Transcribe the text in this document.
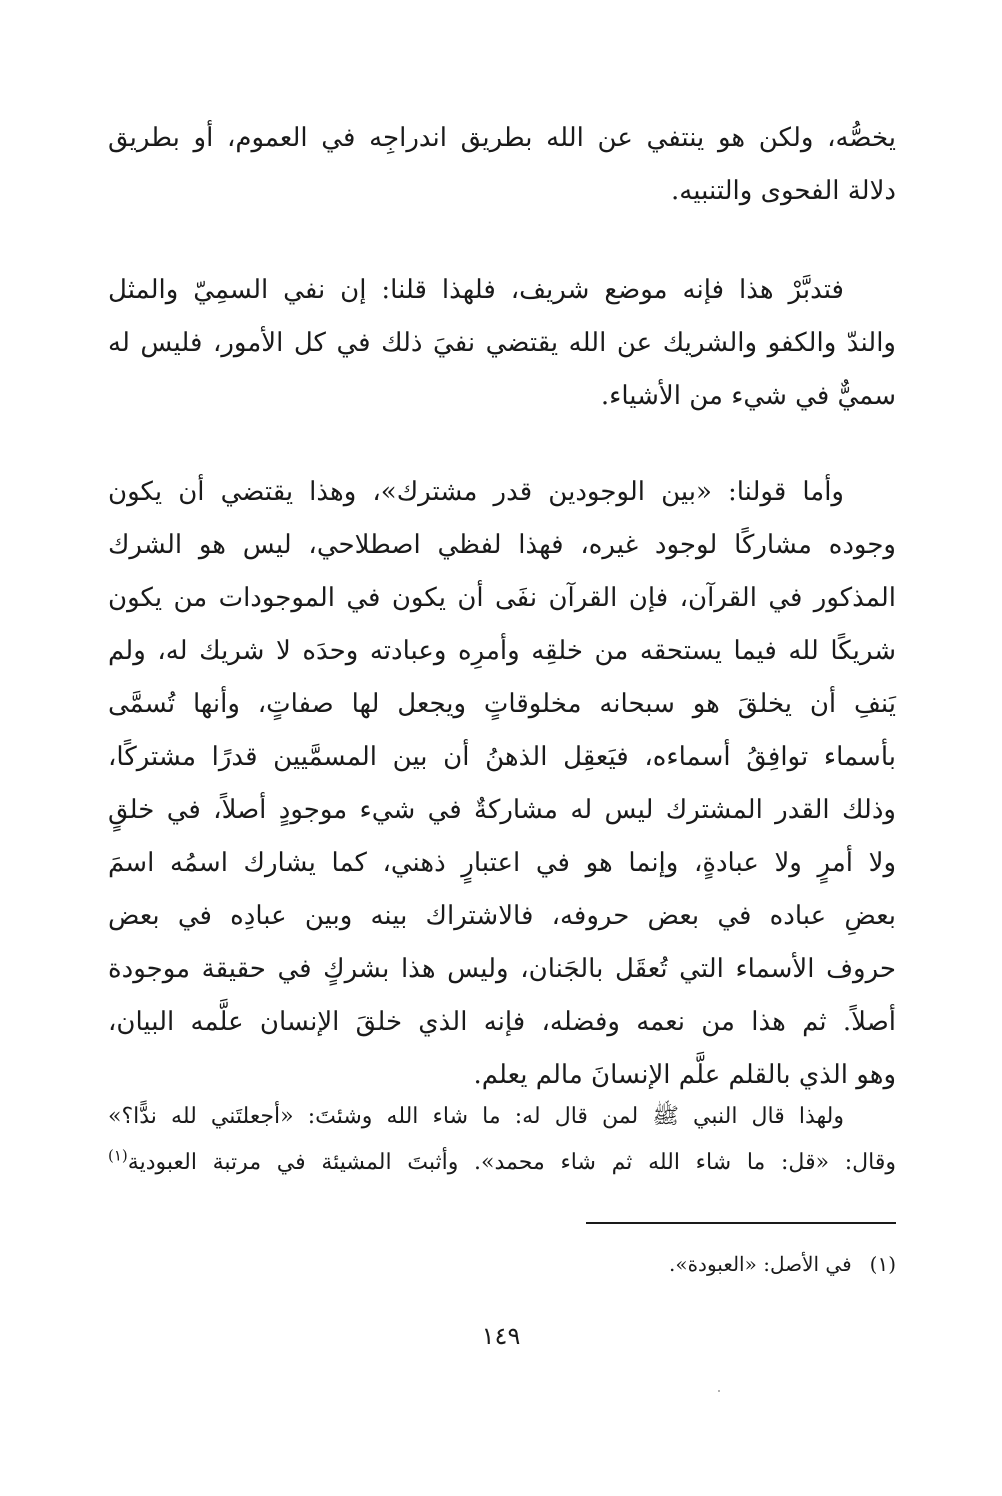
يخصُّه، ولكن هو ينتفي عن الله بطريق اندراجِه في العموم، أو بطريق
دلالة الفحوى والتنبيه.
فتدبَّرْ هذا فإنه موضع شريف، فلهذا قلنا: إن نفي السمِيّ والمثل
والندّ والكفو والشريك عن الله يقتضي نفيَ ذلك في كل الأمور، فليس له
سميٌّ في شيء من الأشياء.
وأما قولنا: «بين الوجودين قدر مشترك»، وهذا يقتضي أن يكون
وجوده مشاركًا لوجود غيره، فهذا لفظي اصطلاحي، ليس هو الشرك
المذكور في القرآن، فإن القرآن نفَى أن يكون في الموجودات من يكون
شريكًا لله فيما يستحقه من خلقِه وأمرِه وعبادته وحدَه لا شريك له، ولم
يَنفِ أن يخلقَ هو سبحانه مخلوقاتٍ ويجعل لها صفاتٍ، وأنها تُسمَّى
بأسماء توافِقُ أسماءه، فيَعقِل الذهنُ أن بين المسمَّيين قدرًا مشتركًا،
وذلك القدر المشترك ليس له مشاركةٌ في شيء موجودٍ أصلاً، في خلقٍ
ولا أمرٍ ولا عبادةٍ، وإنما هو في اعتبارٍ ذهني، كما يشارك اسمُه اسمَ
بعضِ عباده في بعض حروفه، فالاشتراك بينه وبين عبادِه في بعض
حروف الأسماء التي تُعقَل بالجَنان، وليس هذا بشركٍ في حقيقة موجودة
أصلاً. ثم هذا من نعمه وفضله، فإنه الذي خلقَ الإنسان علَّمه البيان،
وهو الذي بالقلم علَّم الإنسانَ مالم يعلم.
ولهذا قال النبي ﷺ لمن قال له: ما شاء الله وشئتَ: «أجعلتَني لله ندًّا؟»
وقال: «قل: ما شاء الله ثم شاء محمد». وأثبتَ المشيئة في مرتبة العبودية$^{(١)}$
(١)في الأصل: «العبودة».
١٤٩
